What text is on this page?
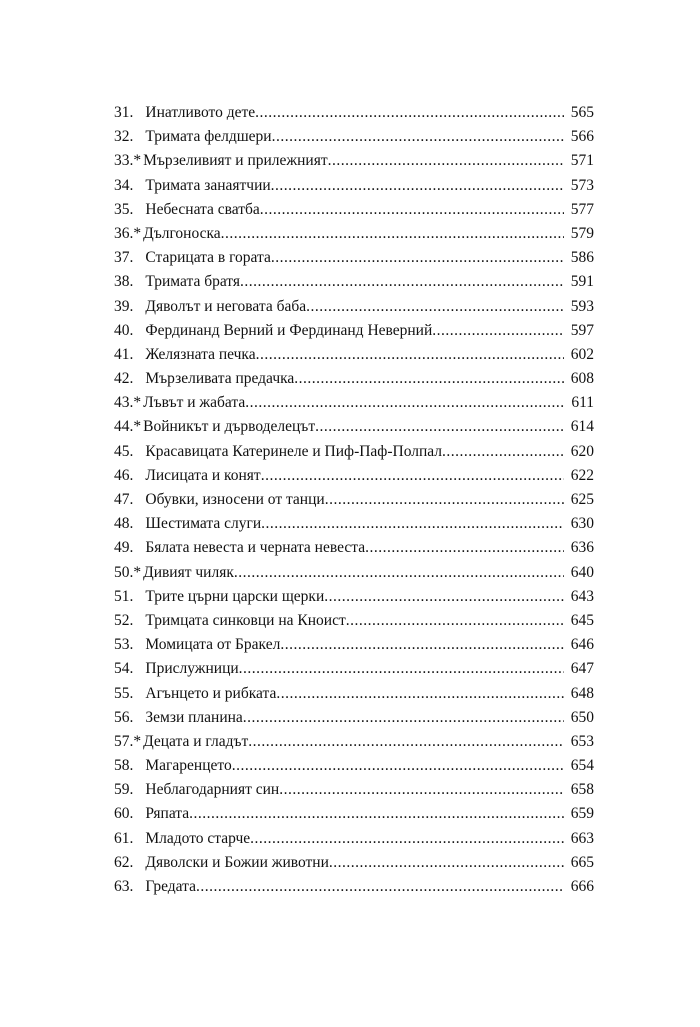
31. Инатливото дете .....	565
32. Тримата фелдшери .....	566
33.* Мързеливият и прилежният .....	571
34. Тримата занаятчии .....	573
35. Небесната сватба .....	577
36.* Дългоноска .....	579
37. Старицата в гората .....	586
38. Тримата братя .....	591
39. Дяволът и неговата баба .....	593
40. Фердинанд Верний и Фердинанд Неверний .....	597
41. Желязната печка .....	602
42. Мързеливата предачка .....	608
43.* Лъвът и жабата .....	611
44.* Войникът и дърводелецът .....	614
45. Красавицата Катеринеле и Пиф-Паф-Полпал .....	620
46. Лисицата и конят .....	622
47. Обувки, износени от танци .....	625
48. Шестимата слуги .....	630
49. Бялата невеста и черната невеста .....	636
50.* Дивият чиляк .....	640
51. Трите църни царски щерки .....	643
52. Тримцата синковци на Кноист .....	645
53. Момицата от Бракел .....	646
54. Прислужници .....	647
55. Агънцето и рибката .....	648
56. Земзи планина .....	650
57.* Децата и гладът .....	653
58. Магаренцето .....	654
59. Неблагодарният син .....	658
60. Ряпата .....	659
61. Младото старче .....	663
62. Дяволски и Божии животни .....	665
63. Гредата .....	666
